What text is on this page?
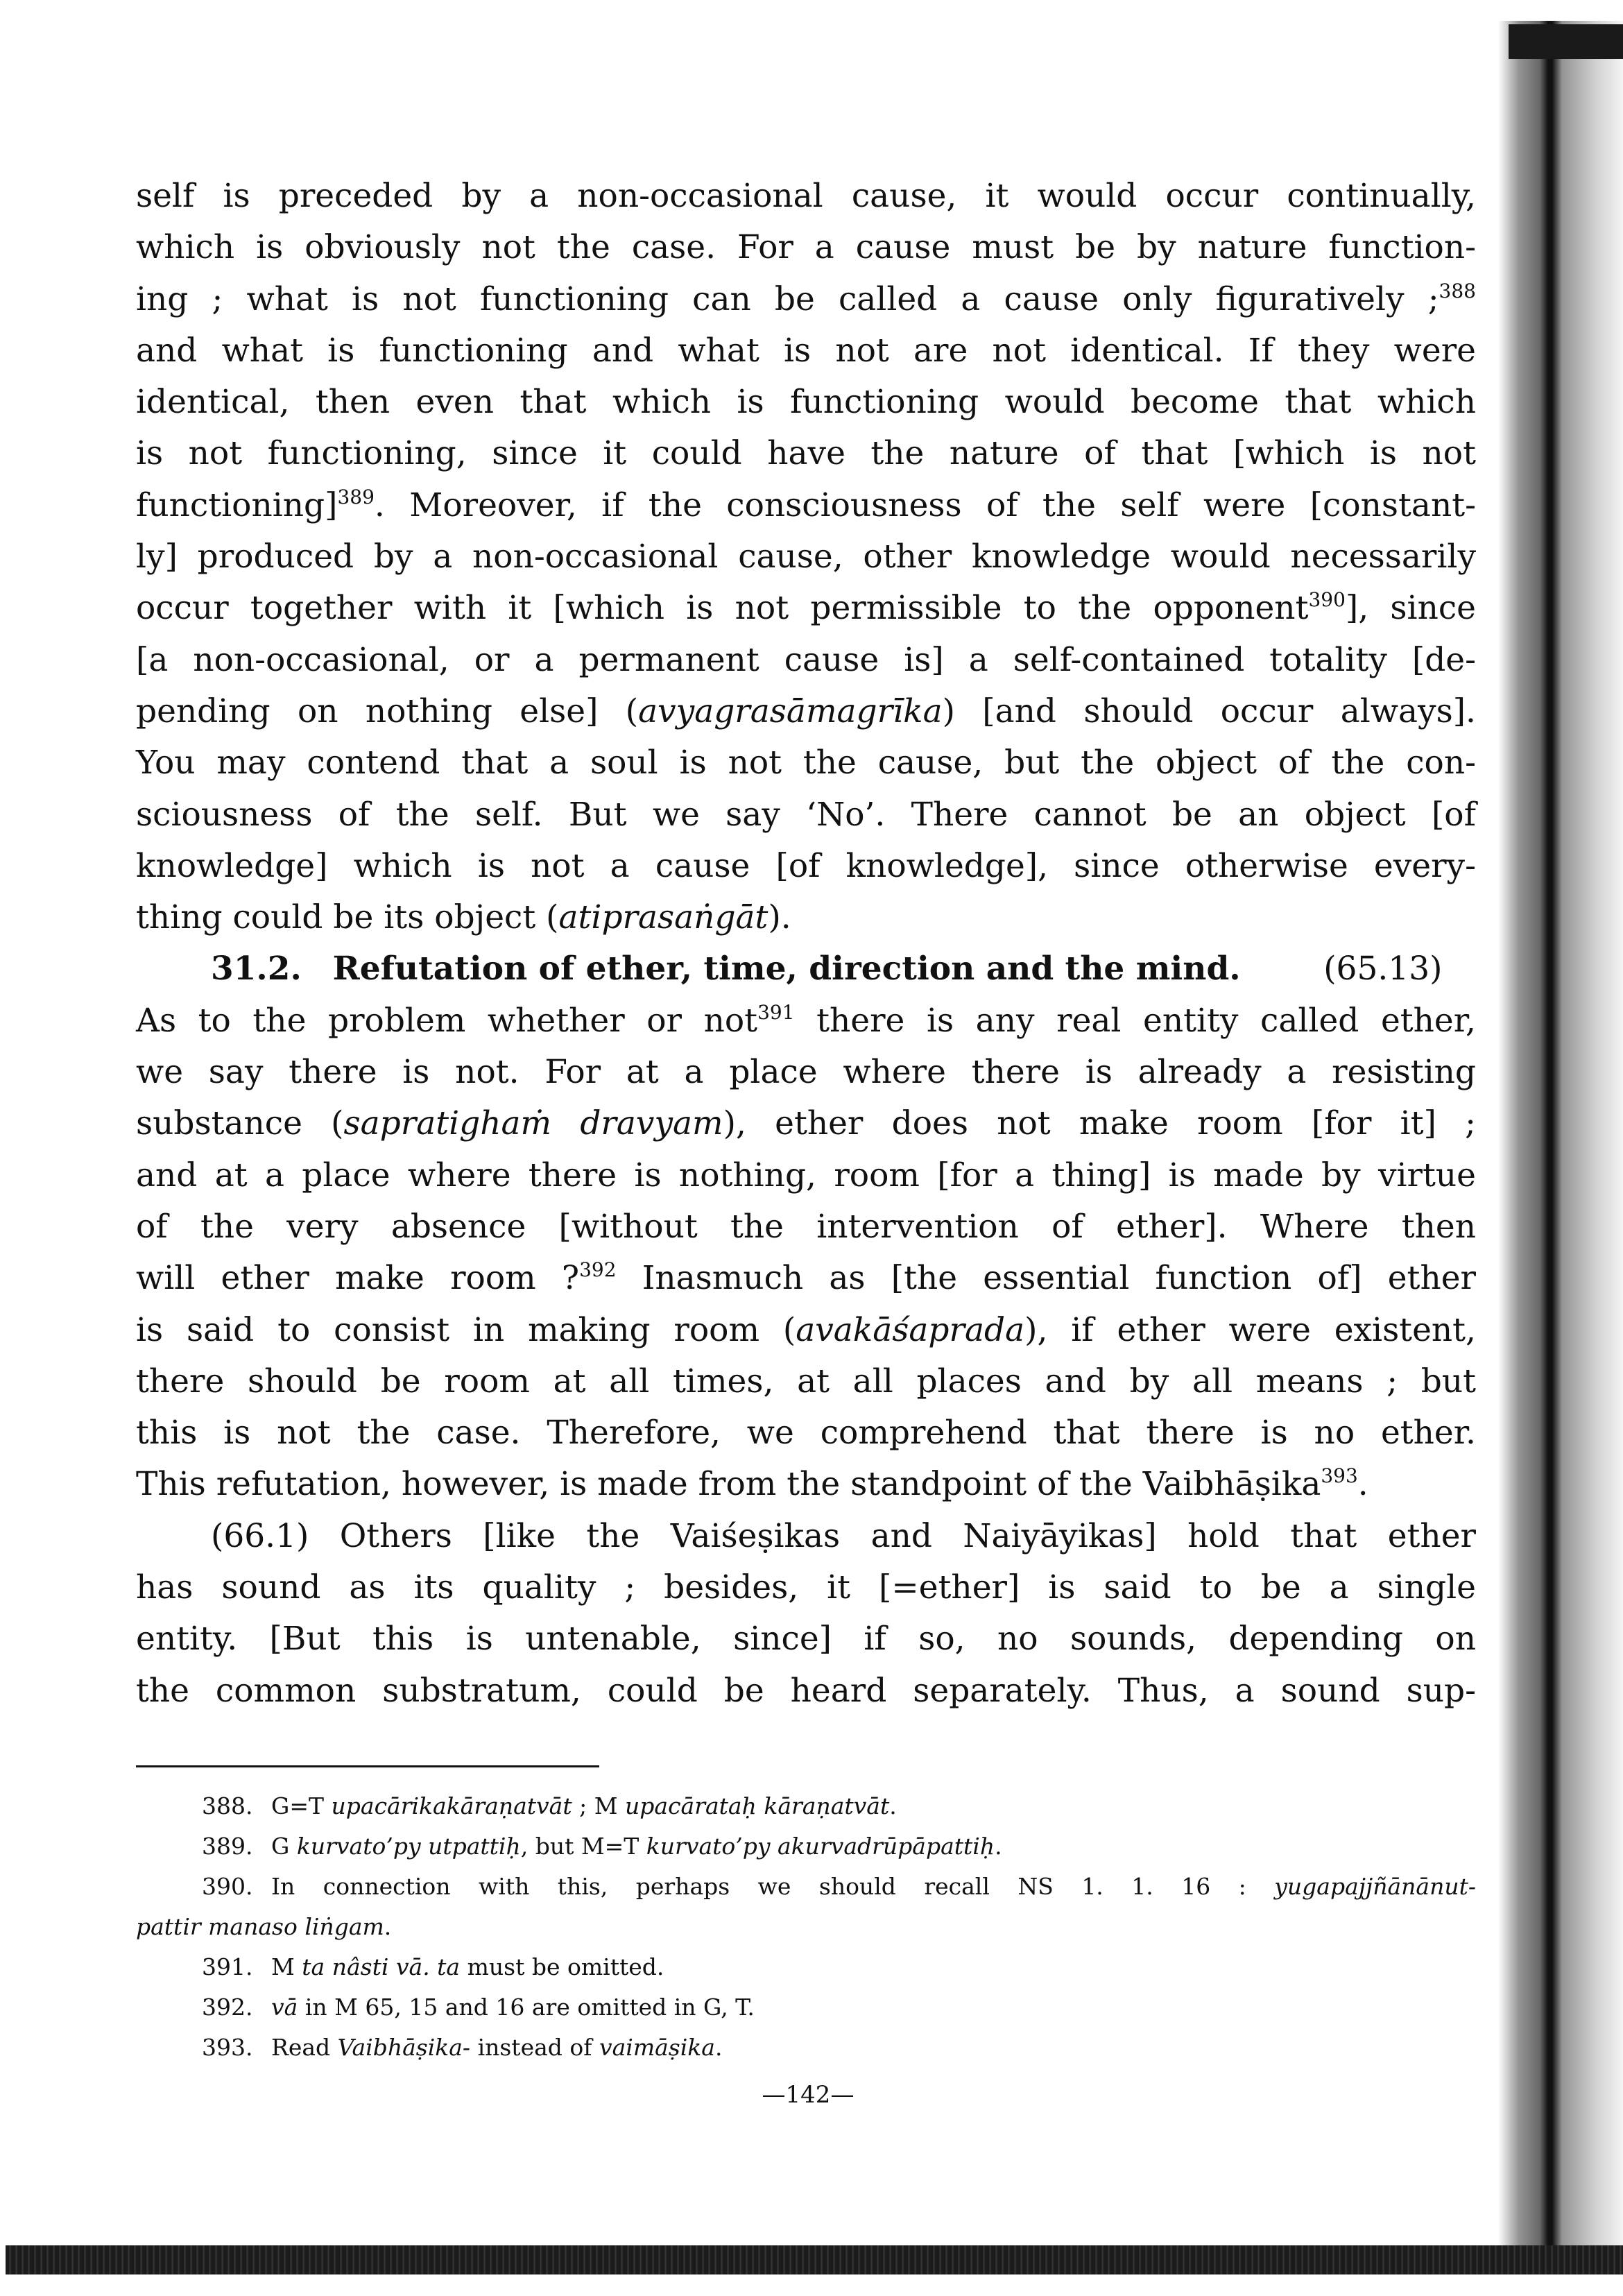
self is preceded by a non-occasional cause, it would occur continually,
which is obviously not the case. For a cause must be by nature function-
ing ; what is not functioning can be called a cause only figuratively ;$^{388}$
and what is functioning and what is not are not identical. If they were
identical, then even that which is functioning would become that which
is not functioning, since it could have the nature of that [which is not
functioning]$^{389}$. Moreover, if the consciousness of the self were [constant-
ly] produced by a non-occasional cause, other knowledge would necessarily
occur together with it [which is not permissible to the opponent$^{390}$], since
[a non-occasional, or a permanent cause is] a self-contained totality [de-
pending on nothing else] (avyagrasāmagrīka) [and should occur always].
You may contend that a soul is not the cause, but the object of the con-
sciousness of the self. But we say ‘No’. There cannot be an object [of
knowledge] which is not a cause [of knowledge], since otherwise every-
thing could be its object (atiprasaṅgāt).
31.2. Refutation of ether, time, direction and the mind.	(65.13)
As to the problem whether or not$^{391}$ there is any real entity called ether,
we say there is not. For at a place where there is already a resisting
substance (sapratighaṁ dravyam), ether does not make room [for it] ;
and at a place where there is nothing, room [for a thing] is made by virtue
of the very absence [without the intervention of ether]. Where then
will ether make room ?$^{392}$ Inasmuch as [the essential function of] ether
is said to consist in making room (avakāśaprada), if ether were existent,
there should be room at all times, at all places and by all means ; but
this is not the case. Therefore, we comprehend that there is no ether.
This refutation, however, is made from the standpoint of the Vaibhāṣika$^{393}$.
(66.1) Others [like the Vaiśeṣikas and Naiyāyikas] hold that ether
has sound as its quality ; besides, it [=ether] is said to be a single
entity. [But this is untenable, since] if so, no sounds, depending on
the common substratum, could be heard separately. Thus, a sound sup-
388. G=T upacārikakāraṇatvāt ; M upacārataḥ kāraṇatvāt.
389. G kurvato’py utpattiḥ, but M=T kurvato’py akurvadrūpāpattiḥ.
390. In connection with this, perhaps we should recall NS 1. 1. 16 : yugapajjñānānut-
pattir manaso liṅgam.
391. M ta nâsti vā. ta must be omitted.
392. vā in M 65, 15 and 16 are omitted in G, T.
393. Read Vaibhāṣika- instead of vaimāṣika.
—142—
